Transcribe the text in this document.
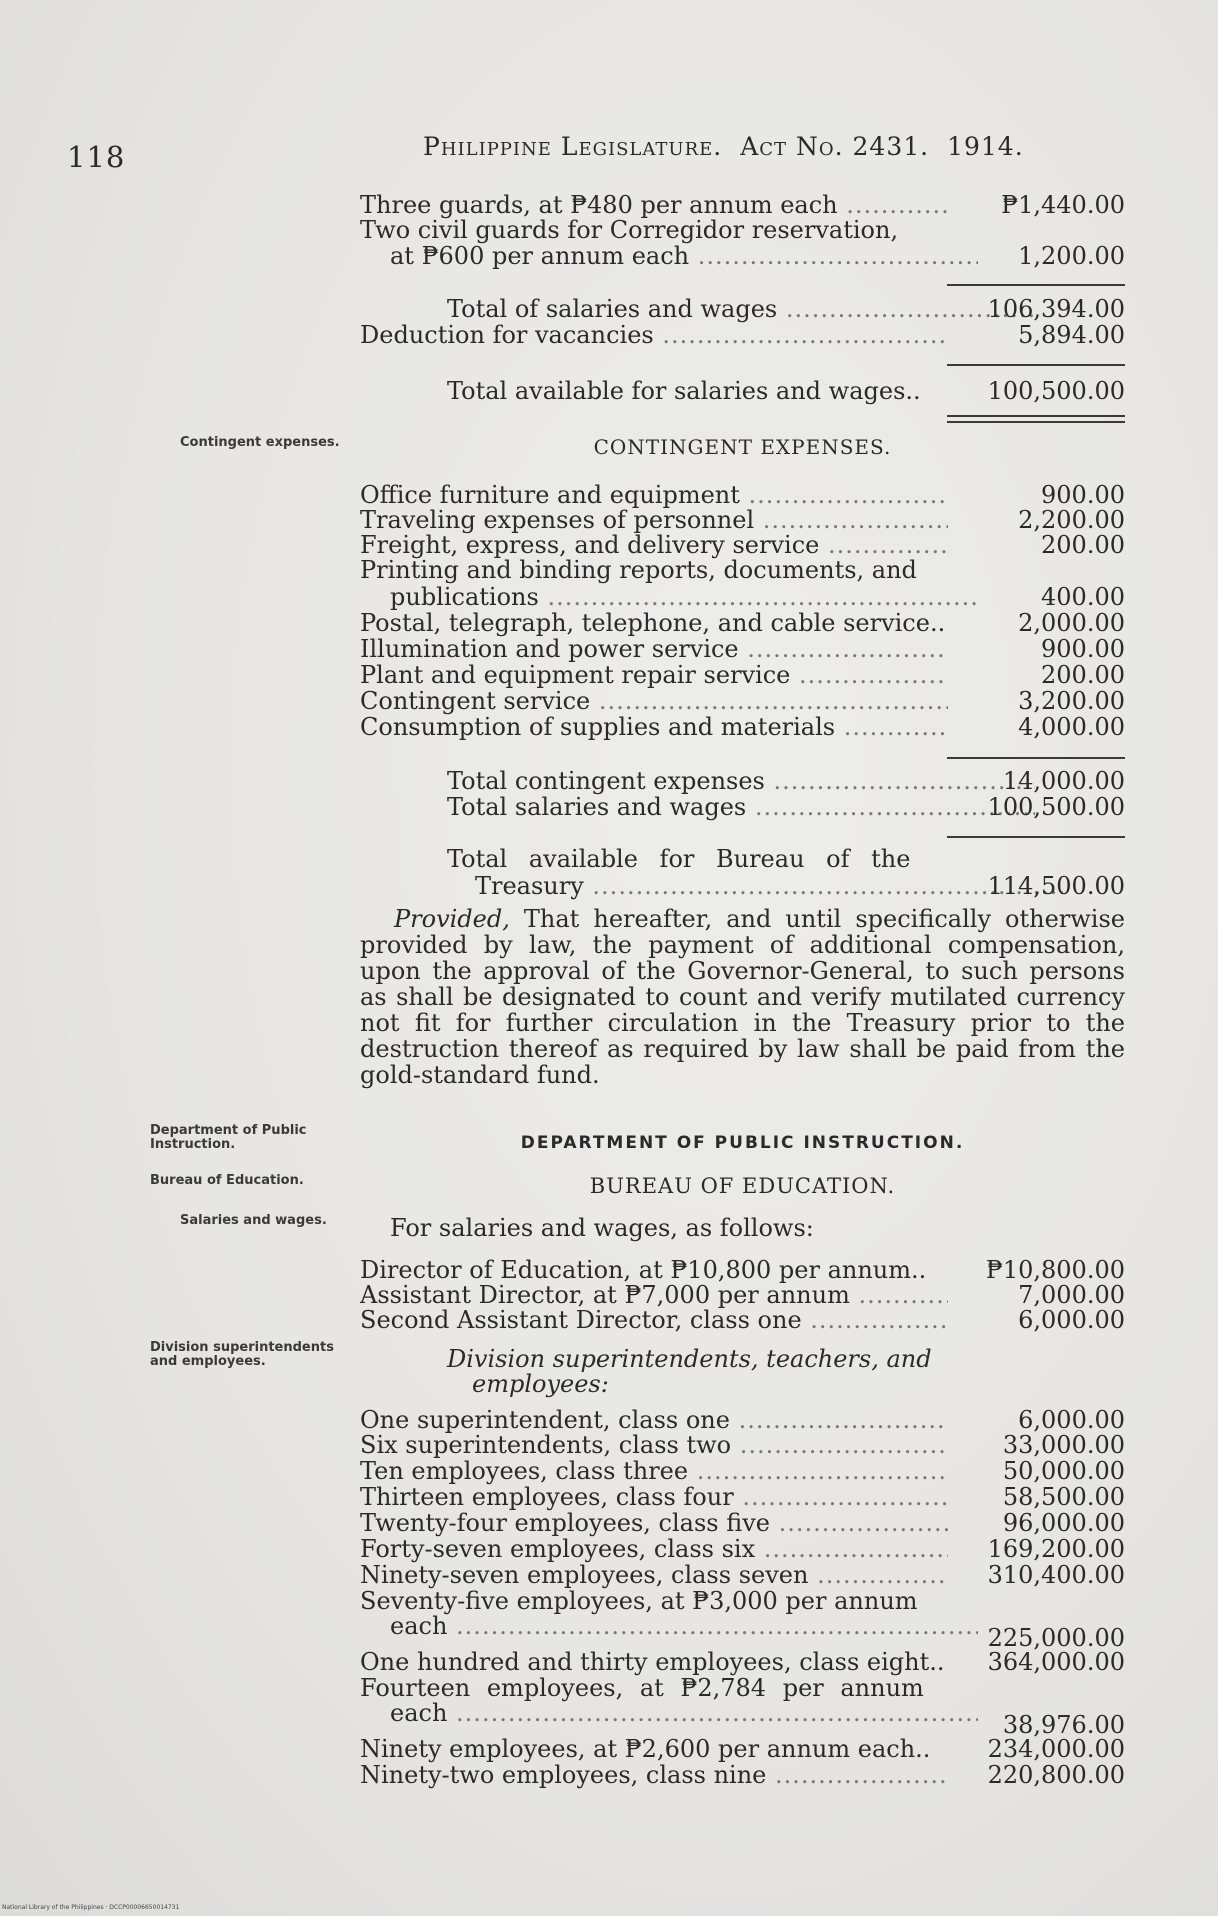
118	Philippine Legislature. Act No. 2431. 1914.
Three guards, at ₱480 per annum each .....	₱1,440.00
Two civil guards for Corregidor reservation,
at ₱600 per annum each .....	1,200.00
Total of salaries and wages .....	106,394.00
Deduction for vacancies .....	5,894.00
Total available for salaries and wages..	100,500.00
Contingent expenses.	CONTINGENT EXPENSES.
Office furniture and equipment .....	900.00
Traveling expenses of personnel .....	2,200.00
Freight, express, and delivery service .....	200.00
Printing and binding reports, documents, and
publications .....	400.00
Postal, telegraph, telephone, and cable service..	2,000.00
Illumination and power service .....	900.00
Plant and equipment repair service .....	200.00
Contingent service .....	3,200.00
Consumption of supplies and materials .....	4,000.00
Total contingent expenses .....	14,000.00
Total salaries and wages .....	100,500.00
Total available for Bureau of the
Treasury .....	114,500.00
Provided, That hereafter, and until specifically otherwise provided by law, the payment of additional compensation, upon the approval of the Governor-General, to such persons as shall be designated to count and verify mutilated currency not fit for further circulation in the Treasury prior to the destruction thereof as required by law shall be paid from the gold-standard fund.
Department of Public Instruction.	DEPARTMENT OF PUBLIC INSTRUCTION.
Bureau of Education.	BUREAU OF EDUCATION.
Salaries and wages.	For salaries and wages, as follows:
Director of Education, at ₱10,800 per annum..	₱10,800.00
Assistant Director, at ₱7,000 per annum .....	7,000.00
Second Assistant Director, class one .....	6,000.00
Division superintendents and employees.	Division superintendents, teachers, and
employees:
One superintendent, class one .....	6,000.00
Six superintendents, class two .....	33,000.00
Ten employees, class three .....	50,000.00
Thirteen employees, class four .....	58,500.00
Twenty-four employees, class five .....	96,000.00
Forty-seven employees, class six .....	169,200.00
Ninety-seven employees, class seven .....	310,400.00
Seventy-five employees, at ₱3,000 per annum
each .....	225,000.00
One hundred and thirty employees, class eight..	364,000.00
Fourteen employees, at ₱2,784 per annum
each .....	38,976.00
Ninety employees, at ₱2,600 per annum each..	234,000.00
Ninety-two employees, class nine .....	220,800.00
National Library of the Philippines · DCCP00006650014731
